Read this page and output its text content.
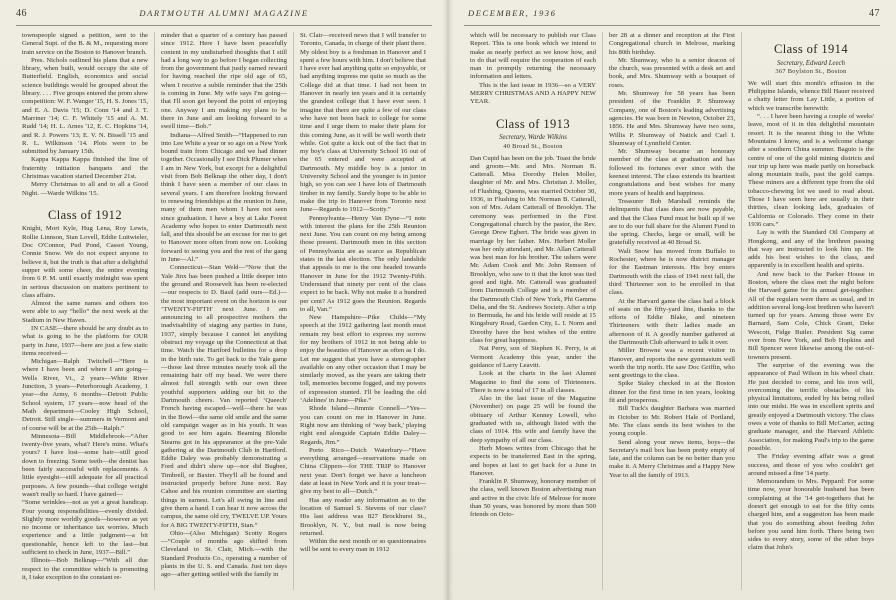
46	DARTMOUTH ALUMNI MAGAZINE

townspeople signed a petition, sent to the General Supt. of the B. & M., requesting more train service on the Boston to Hanover branch.

Pres. Nichols outlined his plans that a new library, when built, would occupy the site of Butterfield. English, economics and social science buildings would be grouped about the library. . . . Five groups entered the prom show competition: W. F. Wanger '15, H. S. Jones '15, and E. A. Davis '15; D. Conn '14 and J. T. Marriner '14; C. F. Whitely '15 and A. M. Rudd '14; H. L. Arnes '12, E. C. Hopkins '14, and R. J. Powers '13; E. V. N. Bissell '15 and R. L. Wilkinson '14. Plots were to be submitted by January 15th.

Kappa Kappa Kappa finished the line of fraternity initiation banquets and the Christmas vacation started December 21st.

Merry Christmas to all and to all a Good Night. —Warde Wilkins '15.

Class of 1912

Knight, Mort Kyle, Hug Lena, Roy Lewis, Rollie Linnson, Stan Lovell, Eddie Luitwieler, Doc O'Connor, Pud Pond, Cassot Young, Connie Snow. We do not expect anyone to believe it, but the truth is that after a delightful supper with some cheer, the entire evening from 6 P. M. until exactly midnight was spent in serious discussion on matters pertinent to class affairs.

Almost the same names and others too were able to say “hello” the next week at the Stadium in New Haven.

IN CASE—there should be any doubt as to what is going to be the platform for OUR party in June, 1937—here are just a few static items received—

Michigan—Ralph Twitchell—“Here is where I have been and where I am going—Wells River, Vt., 2 years—White River Junction, 3 years—Peterborough Academy, 1 year—the Army, 6 months—Detroit Public School system, 17 years—now head of the Math department—Cooley High School, Detroit. Still single—summers in Vermont and of course will be at the 25th—Ralph.”

Minnesota—Bill Middlebrook—“After twenty-five years, what? Here's mine. What's yours? I have lost—some hair—still good down to freezing. Some teeth—the dentist has been fairly successful with replacements. A little eyesight—still adequate for all practical purposes. A few pounds—that college weight wasn't really so hard. I have gained—

“Some wrinkles—not as yet a great handicap. Four young responsibilities—evenly divided. Slightly more worldly goods—however as yet no income or inheritance tax worries. Much experience and a little judgment—a bit questionable, hence left to the last—but sufficient to check in June, 1937—Bill.”

Illinois—Bob Belknap—“With all due respect to the committee which is promoting it, I take exception to the constant re-

minder that a quarter of a century has passed since 1912. Here I have been peacefully content in my undisturbed thoughts that I still had a long way to go before I began collecting from the government that justly earned reward for having reached the ripe old age of 65, when I receive a subtle reminder that the 25th is coming in June. My wife says I'm going—that I'll soon get beyond the point of enjoying one. Anyway I am making my plans to be there in June and am looking forward to a swell time—Bob.”

Indiana—Alfred Smith—“Happened to run into Lee White a year or so ago on a New York bound train from Chicago and we had dinner together. Occasionally I see Dick Plumer when I am in New York, but except for a delightful visit from Bob Belknap the other day, I don't think I have seen a member of our class in several years. I am therefore looking forward to renewing friendships at the reunion in June, many of them men whom I have not seen since graduation. I have a boy at Lake Forest Academy who hopes to enter Dartmouth next fall, and this should be an excuse for me to get to Hanover more often from now on. Looking forward to seeing you and the rest of the gang in June—Al.”

Connecticut—Stan Weld—“Now that the Yale Jinx has been pushed a little deeper into the ground and Roosevelt has been re-elected—our respects to D. Basil (add ours—Ed.)—the most important event on the horizon is our ‘TWENTY-FIFTH' next June. I am announcing to all prospective mothers the inadvisability of staging any parties in June, 1937, simply because I cannot let anything obstruct my voyage up the Connecticut at that time. Watch the Hartford bulletins for a drop in the birth rate. To get back to the Yale game—those last three minutes nearly took all the remaining hair off my head. We were there almost full strength with our own three youthful supporters adding our bit to the Dartmouth cheers. Van reported ‘Queech' French having escaped—well—there he was in the Bowl—the same old smile and the same old campaign wager as in his youth. It was good to see him again. Beaming Blondie Stearns got in his appearance at the pre-Yale gathering at the Dartmouth Club in Hartford. Eddie Daley was probably demonstrating a Ford and didn't show up—nor did Bugbee, Timbrell, or Baxter. They'll all be found and instructed properly before June next. Ray Cahoe and his reunion committee are starting things in earnest. Let's all swing in line and give them a hand. I can hear it now across the campus, the same old cry, TWELVE UP. Yours for A BIG TWENTY-FIFTH, Stan.”

Ohio—(Also Michigan) Scotty Rogers—“Couple of months ago shifted from Cleveland to St. Clair, Mich.—with the Standard Products Co., operating a number of plants in the U. S. and Canada. Just ten days ago—after getting settled with the family in

St. Clair—received news that I will transfer to Toronto, Canada, in charge of their plant there. My oldest boy is a freshman in Hanover and I spent a few hours with him. I don't believe that I have ever had anything quite so enjoyable, or had anything impress me quite so much as the College did at that time. I had not been in Hanover in nearly ten years and it is certainly the grandest college that I have ever seen. I imagine that there are quite a few of our class who have not been back to college for some time and I urge them to make their plans for this coming June, as it will be well worth their while. Got quite a kick out of the fact that in my boy's class at University School 16 out of the 65 entered and were accepted at Dartmouth. My middle boy is a junior in University School and the younger is in junior high, so you can see I have lots of Dartmouth timber in my family. Surely hope to be able to make the trip to Hanover from Toronto next June—Regards to 1912—Scotty.”

Pennsylvania—Henry Van Dyne—“I note with interest the plans for the 25th Reunion next June. You can count on my being among those present. Dartmouth men in this section of Pennsylvania are as scarce as Republican states in the last election. The only landslide that appeals to me is the one headed towards Hanover in June for the 1912 Twenty-Fifth. Understand that ninety per cent of the class expect to be back. Why not make it a hundred per cent? As 1912 goes the Reunion. Regards to all, Van.”

New Hampshire—Pike Childs—“My speech at the 1912 gathering last month must remain my best effort to express my sorrow for my brothers of 1912 in not being able to enjoy the beauties of Hanover as often as I do. Let me suggest that you have a stenographer available on any other occasion that I may be similarly moved, as the years are taking their toll, memories become fogged, and my powers of expression stunted. I'll be leading the old ‘Adelines' in June—Pike.”

Rhode Island—Jimmie Connell—“Yes—you can count on me in Hanover in June. Right now am thinking of ‘way back,' playing right end alongside Captain Eddie Daley—Regards, Jim.”

Porto Rico—Dutch Waterbury—“Have everything arranged—reservations made on China Clippers—for THE TRIP to Hanover next year. Don't forget we have a luncheon date at least in New York and it is your treat—give my best to all—Dutch.”

Has any reader any information as to the location of Samuel S. Stevens of our class? His last address was 827 Brockhurst St., Brooklyn, N. Y., but mail is now being returned.

Within the next month or so questionnaires will be sent to every man in 1912

DECEMBER, 1936	47

which will be necessary to publish our Class Report. This is one book which we intend to make as nearly perfect as we know how, and to do that will require the cooperation of each man in promptly returning the necessary information and letters.

This is the last issue in 1936—so a VERY MERRY CHRISTMAS AND A HAPPY NEW YEAR.

Class of 1913
Secretary, Warde Wilkins
40 Broad St., Boston

Dan Cupid has been on the job. Toast the bride and groom—Mr. and Mrs. Norman B. Catterall. Miss Dorothy Helen Moller, daughter of Mr. and Mrs. Christian J. Moller, of Flushing, Queens, was married October 30, 1936, in Flushing to Mr. Norman B. Catterall, son of Mrs. Adam Catterall of Brooklyn. The ceremony was performed in the First Congregational church by the pastor, the Rev. George Drew Egbert. The bride was given in marriage by her father. Mrs. Herbert Moller was her only attendant, and Mr. Allan Catterall was best man for his brother. The ushers were Mr. Adam Cook and Mr. John Remsen of Brooklyn, who saw to it that the knot was tied good and tight. Mr. Catterall was graduated from Dartmouth College and is a member of the Dartmouth Club of New York, Phi Gamma Delta, and the St. Andrews Society. After a trip to Bermuda, he and his bride will reside at 15 Kingsbury Road, Garden City, L. I. Norm and Dorothy have the best wishes of the entire class for great happiness.

Nat Perry, son of Stephen K. Perry, is at Vermont Academy this year, under the guidance of Larry Leavitt.

Look at the charts in the last Alumni Magazine to find the sons of Thirteeners. There is now a total of 17 in all classes.

Also in the last issue of the Magazine (November) on page 25 will be found the obituary of Arthur Kenney Lowell, who graduated with us, although listed with the class of 1914. His wife and family have the deep sympathy of all our class.

Herb Moses writes from Chicago that he expects to be transferred East in the spring, and hopes at last to get back for a June in Hanover.

Franklin P. Shumway, honorary member of the class, well known Boston advertising man and active in the civic life of Melrose for more than 50 years, was honored by more than 500 friends on Octo-

ber 28 at a dinner and reception at the First Congregational church in Melrose, marking his 80th birthday.

Mr. Shumway, who is a senior deacon of the church, was presented with a desk set and book, and Mrs. Shumway with a bouquet of roses.

Mr. Shumway for 58 years has been president of the Franklin P. Shumway Company, one of Boston's leading advertising agencies. He was born in Newton, October 23, 1856. He and Mrs. Shumway have two sons, Willis P. Shumway of Natick and Carl I. Shumway of Lynnfield Center.

Mr. Shumway became an honorary member of the class at graduation and has followed its fortunes ever since with the keenest interest. The class extends its heartiest congratulations and best wishes for many more years of health and happiness.

Treasurer Bob Marshall reminds the delinquents that class dues are now payable, and that the Class Fund must be built up if we are to do our full share for the Alumni Fund in the spring. Checks, large or small, will be gratefully received at 40 Broad St.

Walt Snow has moved from Buffalo to Rochester, where he is now district manager for the Eastman interests. His boy enters Dartmouth with the class of 1941 next fall, the third Thirteener son to be enrolled in that class.

At the Harvard game the class had a block of seats on the fifty-yard line, thanks to the efforts of Eddie Blake, and nineteen Thirteeners with their ladies made an afternoon of it. A goodly number gathered at the Dartmouth Club afterward to talk it over.

Miller Browne was a recent visitor in Hanover, and reports the new gymnasium well worth the trip north. He saw Doc Griffin, who sent greetings to the class.

Spike Staley checked in at the Boston dinner for the first time in ten years, looking fit and prosperous.

Bill Tuck's daughter Barbara was married in October to Mr. Robert Hale of Portland, Me. The class sends its best wishes to the young couple.

Send along your news items, boys—the Secretary's mail box has been pretty empty of late, and the column can be no better than you make it. A Merry Christmas and a Happy New Year to all the family of 1913.

Class of 1914
Secretary, Edward Leech
367 Boylston St., Boston

We will start this month's effusion in the Philippine Islands, whence Bill Hauer received a chatty letter from Lay Little, a portion of which we transcribe herewith:

“. . . I have been having a couple of weeks' leave, most of it in this delightful mountain resort. It is the nearest thing to the White Mountains I know, and is a welcome change after a southern China summer. Baguio is the centre of one of the gold mining districts and our trip up here was made partly on horseback along mountain trails, past the gold camps. These miners are a different type from the old tobacco-chewing lot we used to read about. Those I have seen here are usually in their thirties, clean looking lads, graduates of California or Colorado. They come in their 1936 cars.”

Lay is with the Standard Oil Company at Hongkong, and any of the brethren passing that way are instructed to look him up. He adds his best wishes to the class, and apparently is in excellent health and spirits.

And now back to the Parker House in Boston, where the class met the night before the Harvard game for its annual get-together. All of the regulars were there as usual, and in addition several long-lost brethren who haven't turned up for years. Among those were Ev Barnard, Sam Cole, Chick Grant, Deke Wescott, Fidge Butler. President Sig came over from New York, and Bob Hopkins and Bill Spencer were likewise among the out-of-towners present.

The surprise of the evening was the appearance of Paul Wilson in his wheel chair. He just decided to come, and his iron will, overcoming the terrific obstacles of his physical limitations, ended by his being rolled into our midst. He was in excellent spirits and greatly enjoyed a Dartmouth victory. The class owes a vote of thanks to Bill McCarter, acting graduate manager, and the Harvard Athletic Association, for making Paul's trip to the game possible.

The Friday evening affair was a great success, and those of you who couldn't get around missed a fine '14 party.

Memorandum to Mrs. Peppard: For some time now, your honorable husband has been complaining at the '14 get-togethers that he doesn't get enough to eat for the fifty cents charged him, and a suggestion has been made that you do something about feeding John before you send him forth. There being two sides to every story, some of the other boys claim that John's
